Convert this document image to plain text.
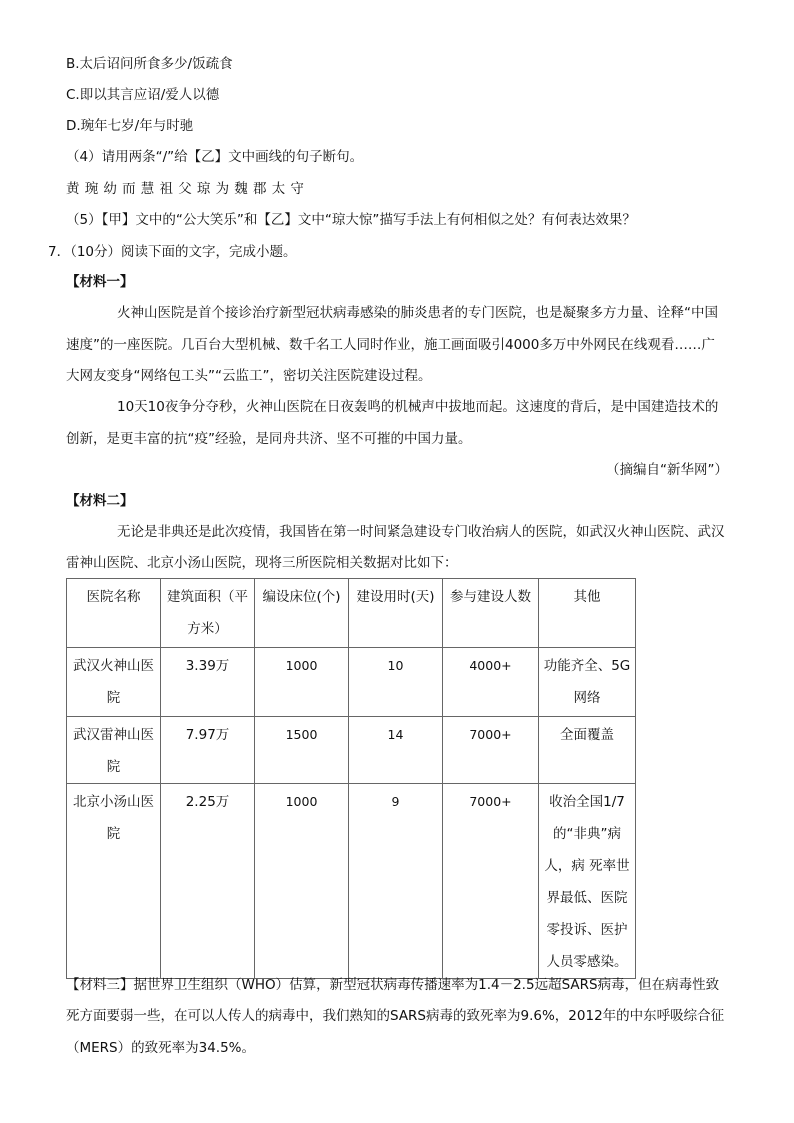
B.太后诏问所食多少/饭疏食
C.即以其言应诏/爱人以德
D.琬年七岁/年与时驰
（4）请用两条“/”给【乙】文中画线的句子断句。
黄琬幼而慧祖父琼为魏郡太守
（5）【甲】文中的“公大笑乐”和【乙】文中“琼大惊”描写手法上有何相似之处？有何表达效果？
7．（10分）阅读下面的文字，完成小题。
【材料一】
火神山医院是首个接诊治疗新型冠状病毒感染的肺炎患者的专门医院，也是凝聚多方力量、诠释“中国
速度”的一座医院。几百台大型机械、数千名工人同时作业，施工画面吸引4000多万中外网民在线观看……广
大网友变身“网络包工头”“云监工”，密切关注医院建设过程。
10天10夜争分夺秒，火神山医院在日夜轰鸣的机械声中拔地而起。这速度的背后，是中国建造技术的
创新，是更丰富的抗“疫”经验，是同舟共济、坚不可摧的中国力量。
（摘编自“新华网”）
【材料二】
无论是非典还是此次疫情，我国皆在第一时间紧急建设专门收治病人的医院，如武汉火神山医院、武汉
雷神山医院、北京小汤山医院，现将三所医院相关数据对比如下：
医院名称	建筑面积（平方米）	编设床位(个)	建设用时(天)	参与建设人数	其他
武汉火神山医院	3.39万	1000	10	4000+	功能齐全、5G网络
武汉雷神山医院	7.97万	1500	14	7000+	全面覆盖
北京小汤山医院	2.25万	1000	9	7000+	收治全国1/7的“非典”病人，病 死率世界最低、医院零投诉、医护人员零感染。
【材料三】据世界卫生组织（WHO）估算，新型冠状病毒传播速率为1.4－2.5远超SARS病毒，但在病毒性致
死方面要弱一些，在可以人传人的病毒中，我们熟知的SARS病毒的致死率为9.6%，2012年的中东呼吸综合征
（MERS）的致死率为34.5%。
